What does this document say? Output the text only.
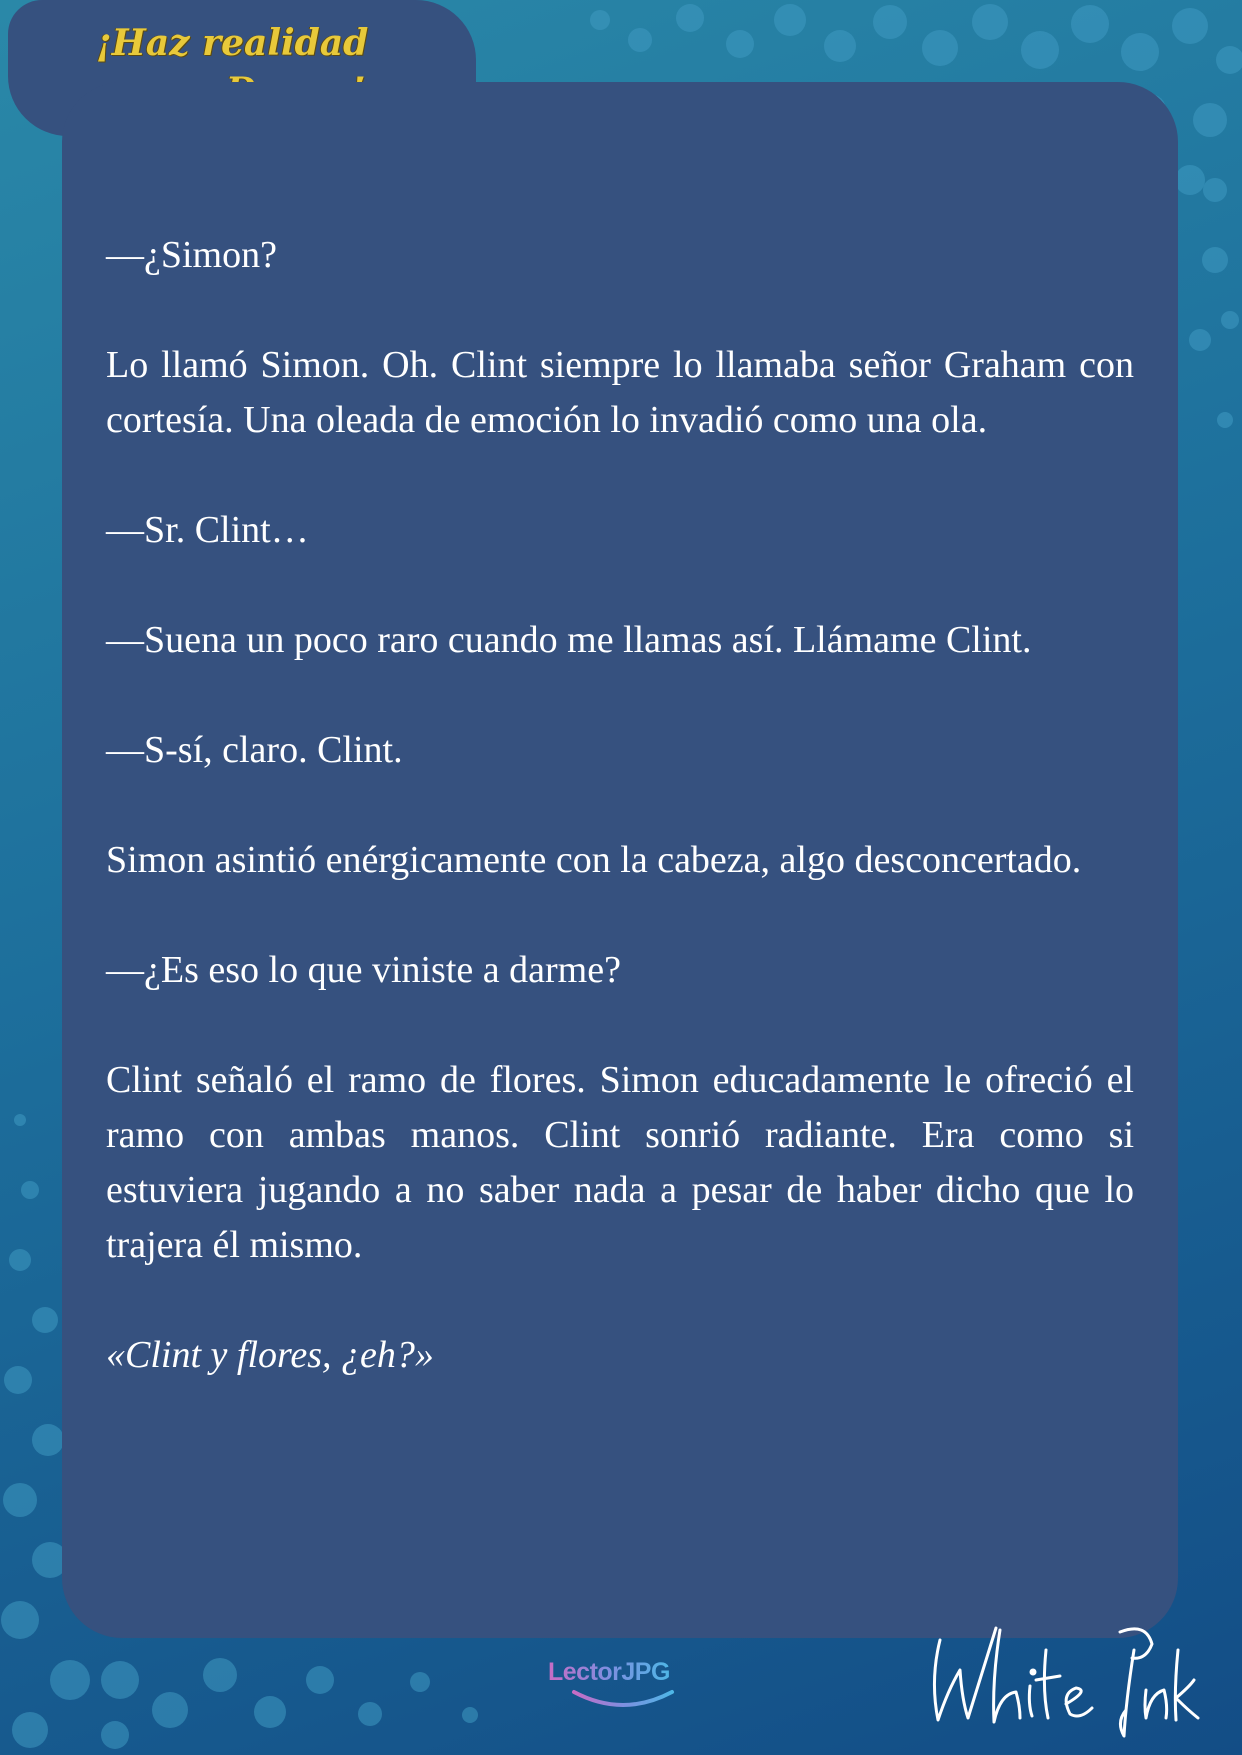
¡Haz realidad

—¿Simon?

Lo llamó Simon. Oh. Clint siempre lo llamaba señor Graham con cortesía. Una oleada de emoción lo invadió como una ola.

—Sr. Clint…

—Suena un poco raro cuando me llamas así. Llámame Clint.

—S-sí, claro. Clint.

Simon asintió enérgicamente con la cabeza, algo desconcertado.

—¿Es eso lo que viniste a darme?

Clint señaló el ramo de flores. Simon educadamente le ofreció el ramo con ambas manos. Clint sonrió radiante. Era como si estuviera jugando a no saber nada a pesar de haber dicho que lo trajera él mismo.

«Clint y flores, ¿eh?»

LectorJPG
